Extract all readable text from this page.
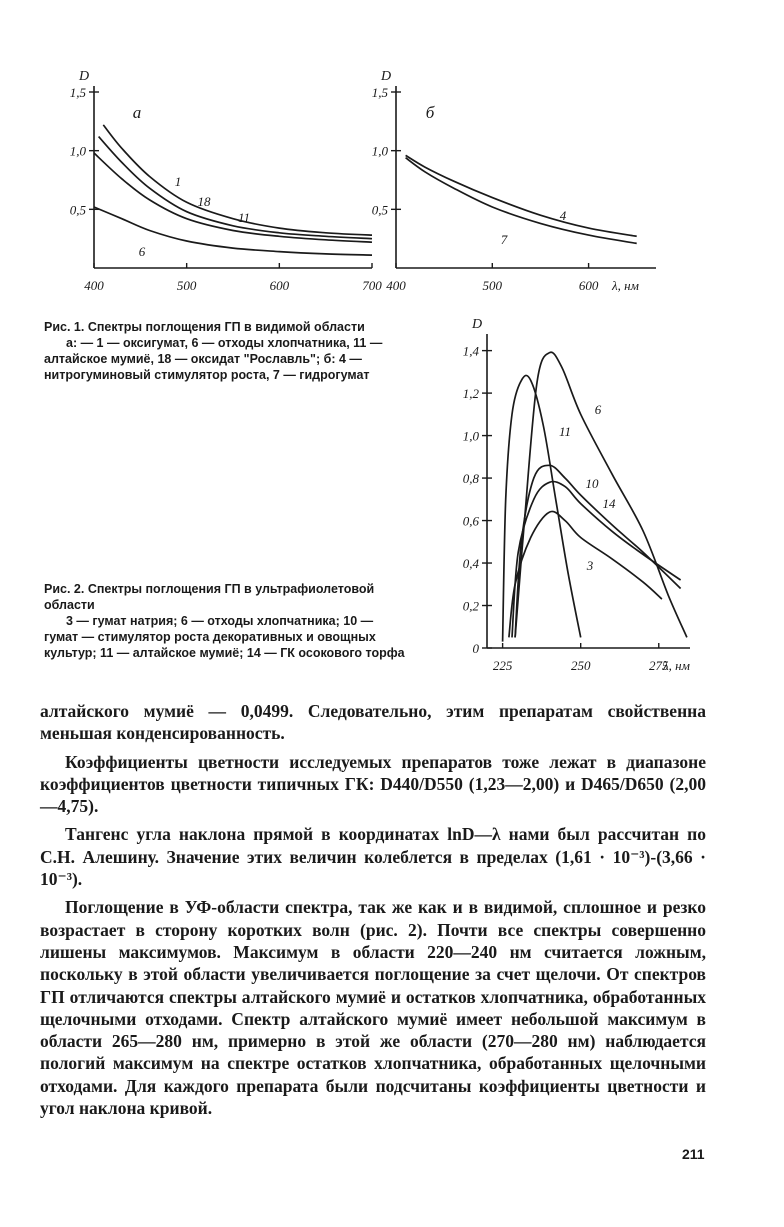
D
0,5
1,0
1,5
400	500	600	700
а
1
18
11
6
D
0,5
1,0
1,5
400	500	600 λ, нм
б
4
7
D
0
0,2
0,4
0,6
0,8
1,0
1,2
1,4
225	250	275
λ, нм
6
11
10
14
3

Рис. 1. Спектры поглощения ГП в видимой области

а: — 1 — оксигумат, 6 — отходы хлопчатника, 11 — алтайское мумиё, 18 — оксидат "Рославль"; б: 4 — нитрогуминовый стимулятор роста, 7 — гидрогумат

Рис. 2. Спектры поглощения ГП в ультрафиолетовой области

3 — гумат натрия; 6 — отходы хлопчатника; 10 — гумат — стимулятор роста декоративных и овощных культур; 11 — алтайское мумиё; 14 — ГК осокового торфа

алтайского мумиё — 0,0499. Следовательно, этим препаратам свойственна меньшая конденсированность.

Коэффициенты цветности исследуемых препаратов тоже лежат в диапазоне коэффициентов цветности типичных ГК: D440/D550 (1,23—2,00) и D465/D650 (2,00—4,75).

Тангенс угла наклона прямой в координатах lnD—λ нами был рассчитан по С.Н. Алешину. Значение этих величин колеблется в пределах (1,61 · 10⁻³)-(3,66 · 10⁻³).

Поглощение в УФ-области спектра, так же как и в видимой, сплошное и резко возрастает в сторону коротких волн (рис. 2). Почти все спектры совершенно лишены максимумов. Максимум в области 220—240 нм считается ложным, поскольку в этой области увеличивается поглощение за счет щелочи. От спектров ГП отличаются спектры алтайского мумиё и остатков хлопчатника, обработанных щелочными отходами. Спектр алтайского мумиё имеет небольшой максимум в области 265—280 нм, примерно в этой же области (270—280 нм) наблюдается пологий максимум на спектре остатков хлопчатника, обработанных щелочными отходами. Для каждого препарата были подсчитаны коэффициенты цветности и угол наклона кривой.

211
